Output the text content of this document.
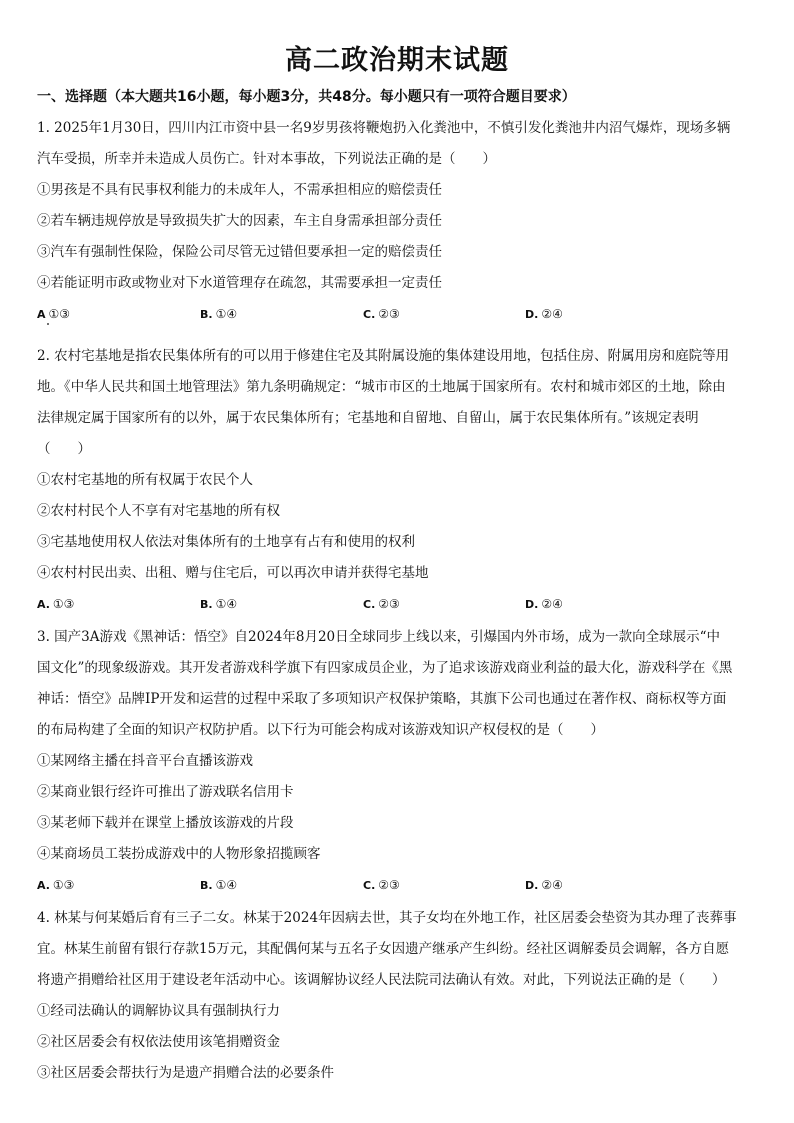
高二政治期末试题
一、选择题（本大题共16小题，每小题3分，共48分。每小题只有一项符合题目要求）
1. 2025年1月30日，四川内江市资中县一名9岁男孩将鞭炮扔入化粪池中，不慎引发化粪池井内沼气爆炸，现场多辆
汽车受损，所幸并未造成人员伤亡。针对本事故，下列说法正确的是（　　）
①男孩是不具有民事权利能力的未成年人，不需承担相应的赔偿责任
②若车辆违规停放是导致损失扩大的因素，车主自身需承担部分责任
③汽车有强制性保险，保险公司尽管无过错但要承担一定的赔偿责任
④若能证明市政或物业对下水道管理存在疏忽，其需要承担一定责任
A ①③	B. ①④	C. ②③	D. ②④
2. 农村宅基地是指农民集体所有的可以用于修建住宅及其附属设施的集体建设用地，包括住房、附属用房和庭院等用
地。《中华人民共和国土地管理法》第九条明确规定：“城市市区的土地属于国家所有。农村和城市郊区的土地，除由
法律规定属于国家所有的以外，属于农民集体所有；宅基地和自留地、自留山，属于农民集体所有。”该规定表明
（　　）
①农村宅基地的所有权属于农民个人
②农村村民个人不享有对宅基地的所有权
③宅基地使用权人依法对集体所有的土地享有占有和使用的权利
④农村村民出卖、出租、赠与住宅后，可以再次申请并获得宅基地
A. ①③	B. ①④	C. ②③	D. ②④
3. 国产3A游戏《黑神话：悟空》自2024年8月20日全球同步上线以来，引爆国内外市场，成为一款向全球展示“中
国文化”的现象级游戏。其开发者游戏科学旗下有四家成员企业，为了追求该游戏商业利益的最大化，游戏科学在《黑
神话：悟空》品牌IP开发和运营的过程中采取了多项知识产权保护策略，其旗下公司也通过在著作权、商标权等方面
的布局构建了全面的知识产权防护盾。以下行为可能会构成对该游戏知识产权侵权的是（　　）
①某网络主播在抖音平台直播该游戏
②某商业银行经许可推出了游戏联名信用卡
③某老师下载并在课堂上播放该游戏的片段
④某商场员工装扮成游戏中的人物形象招揽顾客
A. ①③	B. ①④	C. ②③	D. ②④
4. 林某与何某婚后育有三子二女。林某于2024年因病去世，其子女均在外地工作，社区居委会垫资为其办理了丧葬事
宜。林某生前留有银行存款15万元，其配偶何某与五名子女因遗产继承产生纠纷。经社区调解委员会调解，各方自愿
将遗产捐赠给社区用于建设老年活动中心。该调解协议经人民法院司法确认有效。对此，下列说法正确的是（　　）
①经司法确认的调解协议具有强制执行力
②社区居委会有权依法使用该笔捐赠资金
③社区居委会帮扶行为是遗产捐赠合法的必要条件
